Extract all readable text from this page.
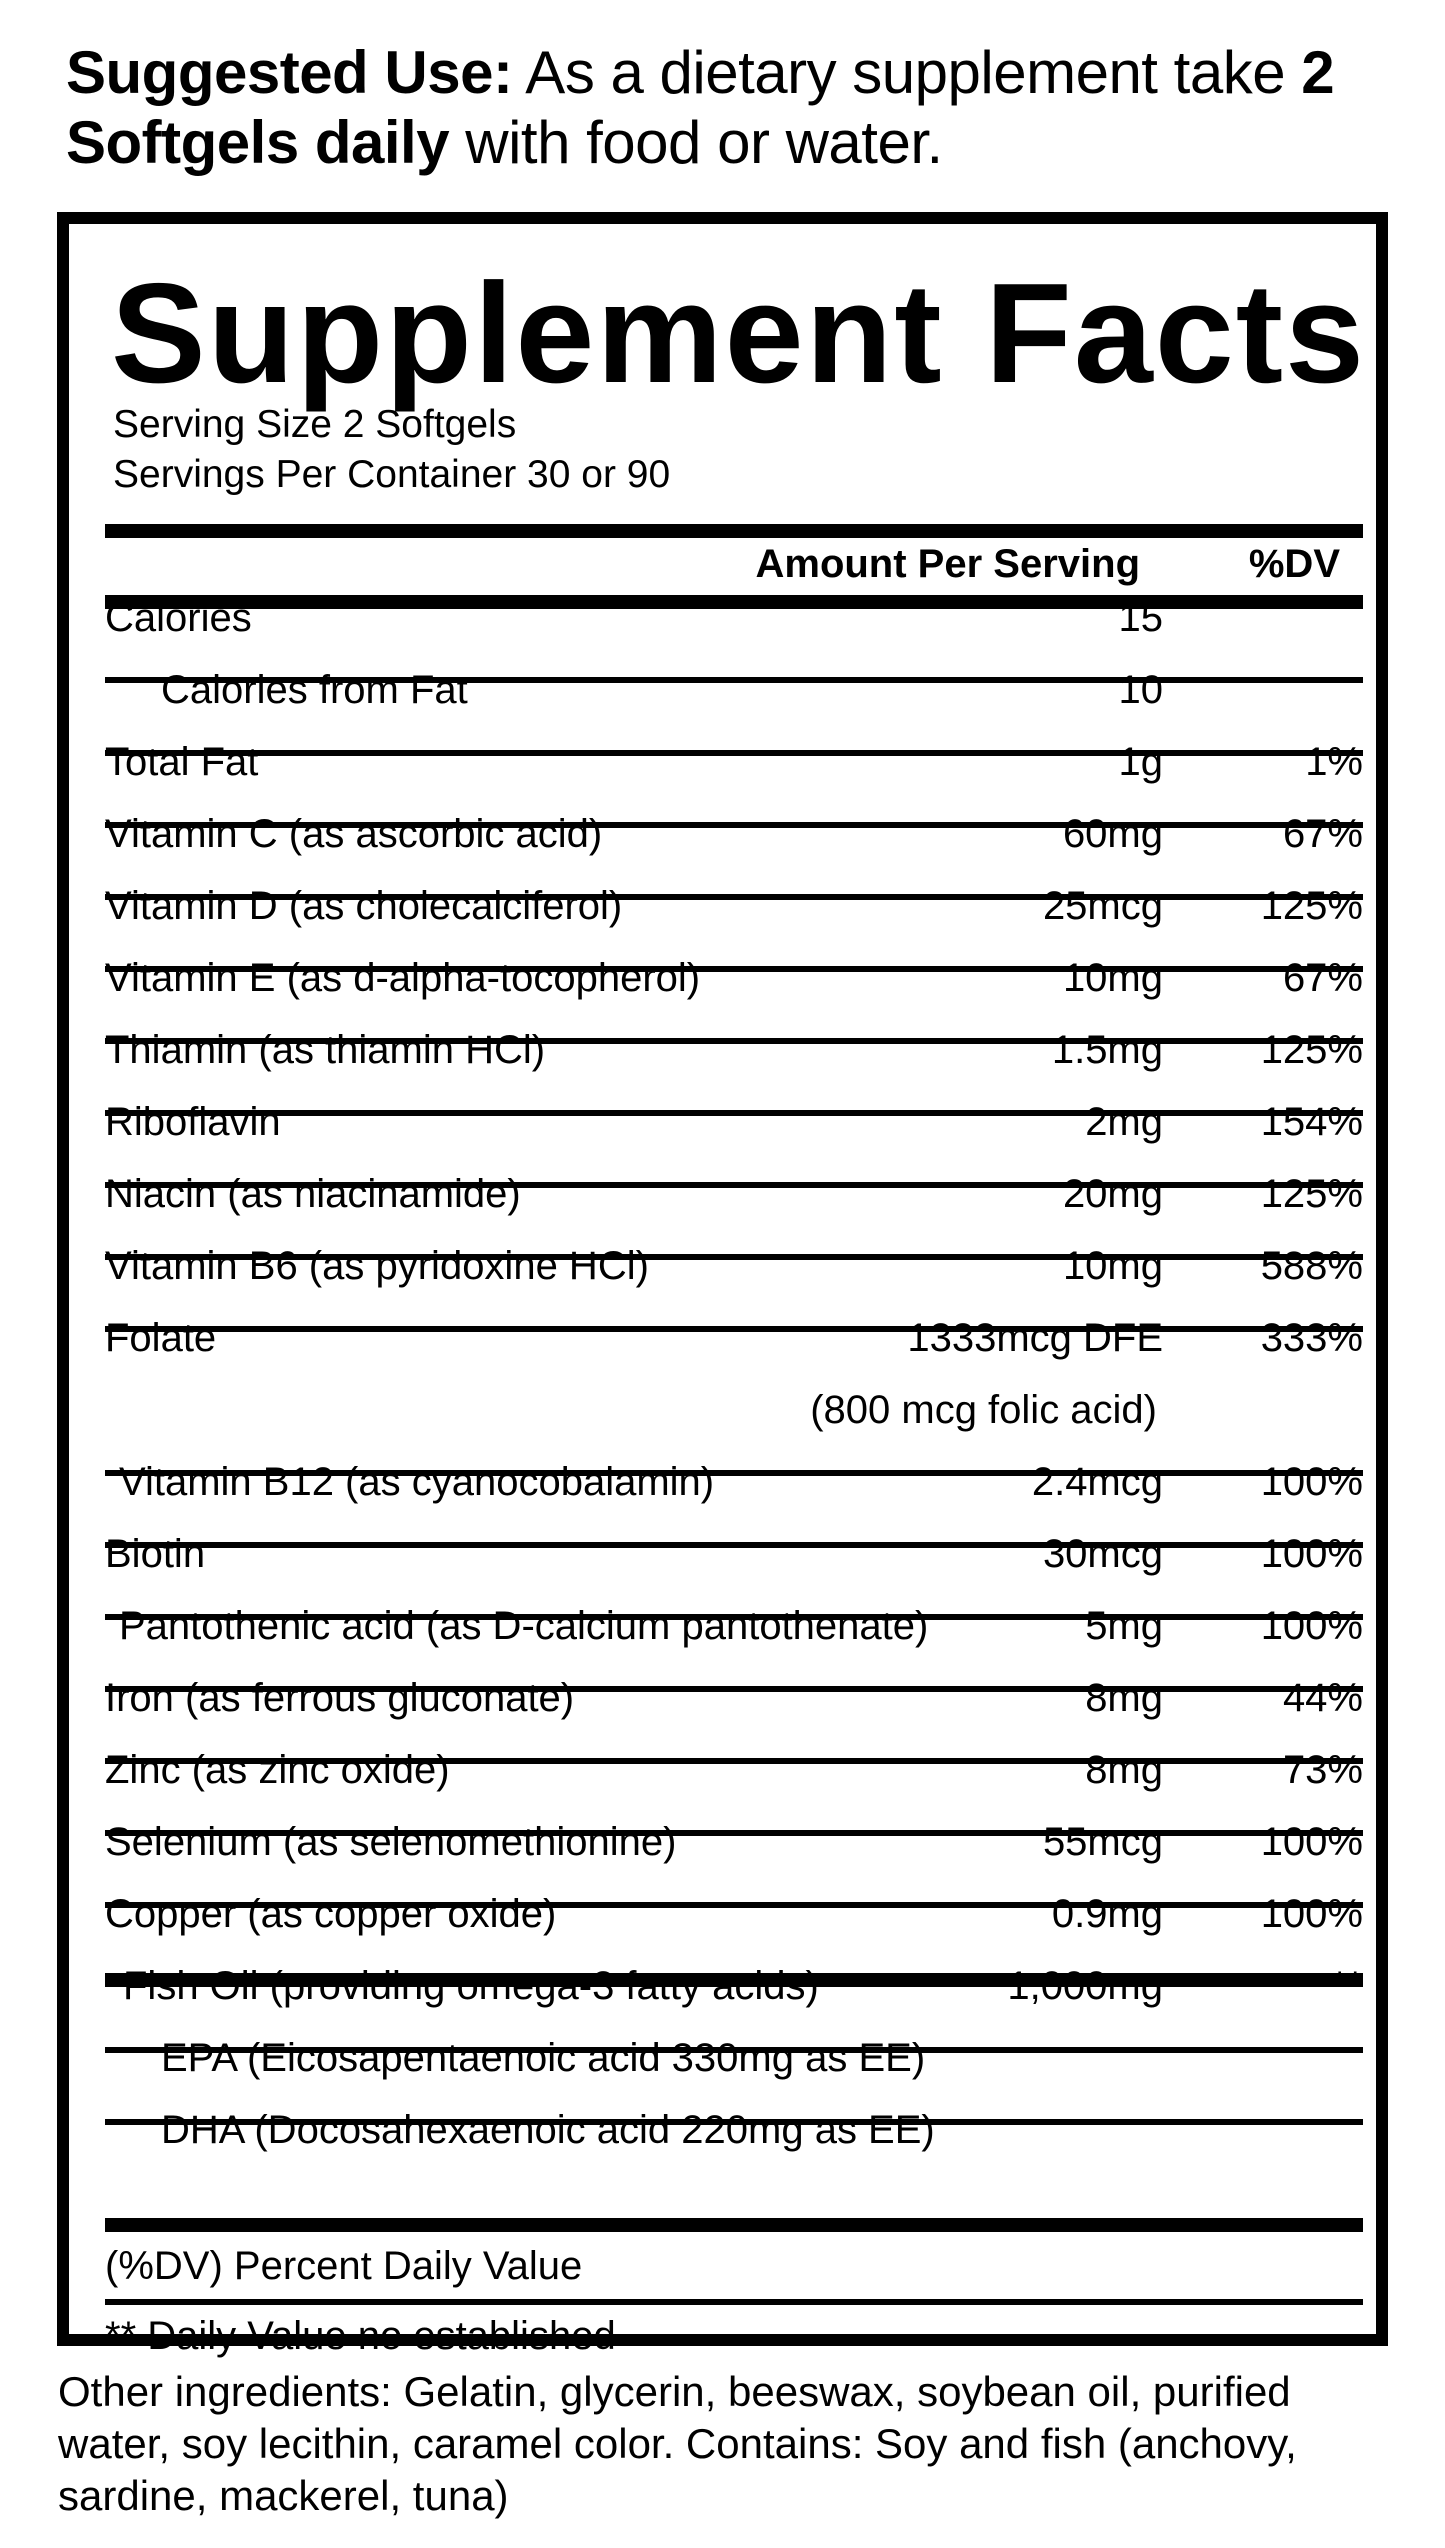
Suggested Use: As a dietary supplement take 2 Softgels daily with food or water.
Supplement Facts
Serving Size 2 Softgels
Servings Per Container 30 or 90
Amount Per Serving	%DV
Calories	15
Calories from Fat	10
Total Fat	1g	1%
Vitamin C (as ascorbic acid)	60mg	67%
Vitamin D (as cholecalciferol)	25mcg 125%
Vitamin E (as d-alpha-tocopherol)	10mg	67%
Thiamin (as thiamin HCl)	1.5mg 125%
Riboflavin	2mg 154%
Niacin (as niacinamide)	20mg 125%
Vitamin B6 (as pyridoxine HCl)	10mg 588%
Folate	1333mcg DFE 333%
(800 mcg folic acid)
Vitamin B12 (as cyanocobalamin)	2.4mcg 100%
Biotin	30mcg 100%
Pantothenic acid (as D-calcium pantothenate)	5mg 100%
Iron (as ferrous gluconate)	8mg	44%
Zinc (as zinc oxide)	8mg	73%
Selenium (as selenomethionine)	55mcg 100%
Copper (as copper oxide)	0.9mg 100%
Fish Oil (providing omega-3 fatty acids)	1,000mg	**
EPA (Eicosapentaenoic acid 330mg as EE)
DHA (Docosahexaenoic acid 220mg as EE)
(%DV) Percent Daily Value
** Daily Value no established
Other ingredients: Gelatin, glycerin, beeswax, soybean oil, purified water, soy lecithin, caramel color. Contains: Soy and fish (anchovy, sardine, mackerel, tuna)
